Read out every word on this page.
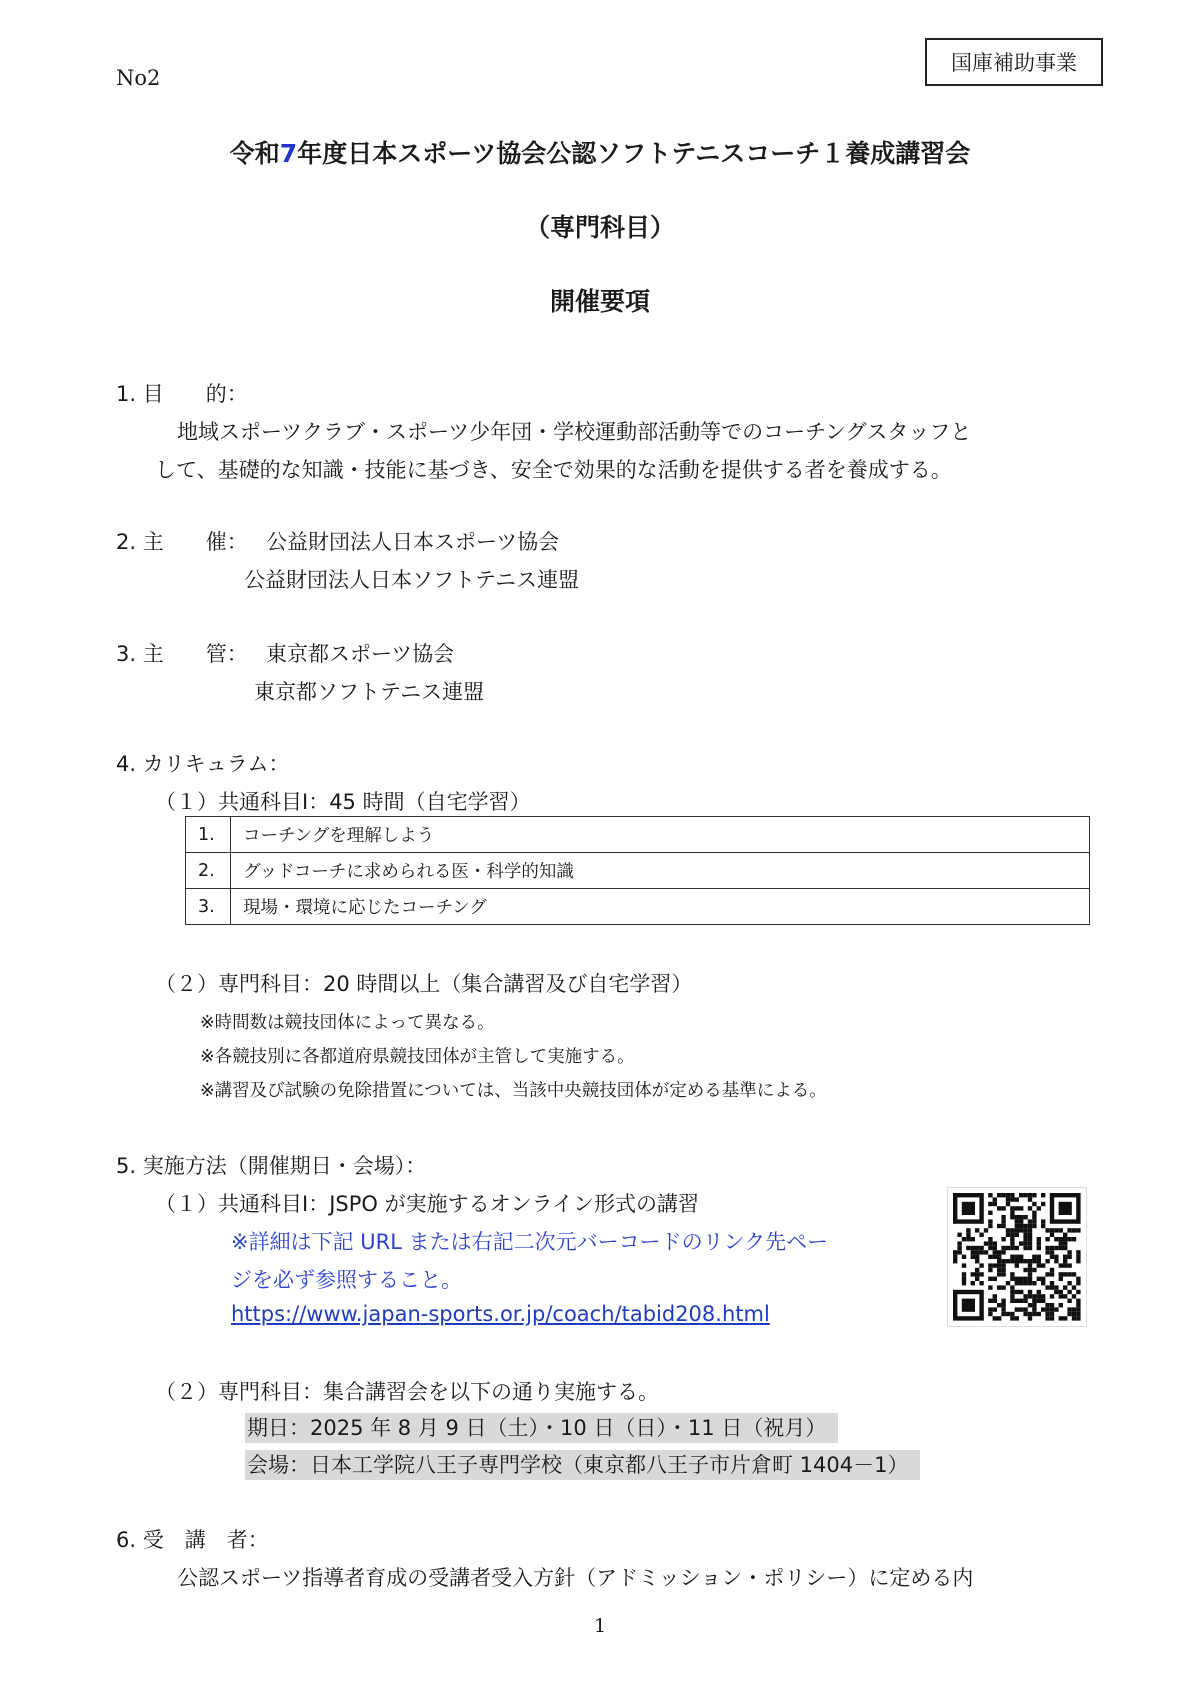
No2
国庫補助事業
令和7年度日本スポーツ協会公認ソフトテニスコーチ１養成講習会
（専門科目）
開催要項
1. 目　　的：
地域スポーツクラブ・スポーツ少年団・学校運動部活動等でのコーチングスタッフと
して、基礎的な知識・技能に基づき、安全で効果的な活動を提供する者を養成する。
2. 主　　催： 公益財団法人日本スポーツ協会
公益財団法人日本ソフトテニス連盟
3. 主　　管： 東京都スポーツ協会
東京都ソフトテニス連盟
4. カリキュラム：
（１）共通科目Ⅰ：45 時間（自宅学習）
1.	コーチングを理解しよう
2.	グッドコーチに求められる医・科学的知識
3.	現場・環境に応じたコーチング
（２）専門科目：20 時間以上（集合講習及び自宅学習）
※時間数は競技団体によって異なる。
※各競技別に各都道府県競技団体が主管して実施する。
※講習及び試験の免除措置については、当該中央競技団体が定める基準による。
5. 実施方法（開催期日・会場）：
（１）共通科目Ⅰ：JSPO が実施するオンライン形式の講習
※詳細は下記 URL または右記二次元バーコードのリンク先ペー
ジを必ず参照すること。
https://www.japan-sports.or.jp/coach/tabid208.html
（２）専門科目：集合講習会を以下の通り実施する。
期日：2025 年 8 月 9 日（土）・10 日（日）・11 日（祝月）
会場：日本工学院八王子専門学校（東京都八王子市片倉町 1404－1）
6. 受　講　者：
公認スポーツ指導者育成の受講者受入方針（アドミッション・ポリシー）に定める内
1
